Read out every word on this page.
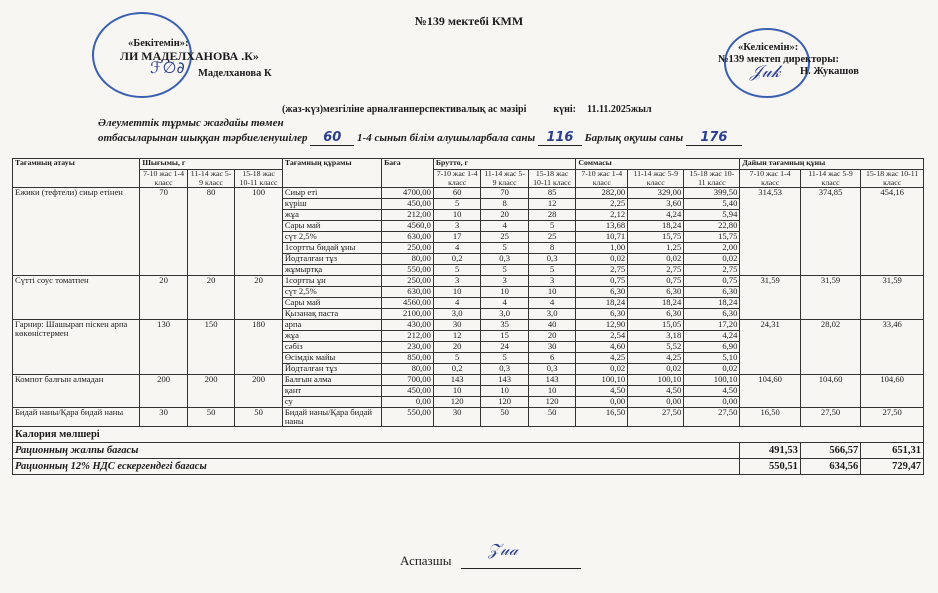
№139 мектебі КММ
«Бекітемін»:
ЛИ МАДЕЛХАНОВА .К»
Маделханова К
ℱ∅∂
«Келісемін»:
№139 мектеп директоры:
Н. Жукашов
𝒥𝓊𝓀
(жаз-күз)мезгіліне арналғанперспективалық ас мәзірі	күні: 11.11.2025жыл
Әлеуметтік тұрмыс жағдайы төмен
отбасыларынан шыққан тәрбиеленушілер 60 1-4 сынып білім алушыларбала саны 116 Барлық оқушы саны 176
Тағамның атауы	Шығымы, г			Тағамның құрамы	Баға	Брутто, г			Соммасы			Дайын тағамның құны		
	7-10 жас 1-4 класс	11-14 жас 5-9 класс	15-18 жас 10-11 класс			7-10 жас 1-4 класс	11-14 жас 5-9 класс	15-18 жас 10-11 класс	7-10 жас 1-4 класс	11-14 жас 5-9 класс	15-18 жас 10-11 класс	7-10 жас 1-4 класс	11-14 жас 5-9 класс	15-18 жас 10-11 класс
Ежики (тефтели) сиыр етінен	70	80	100	Сиыр еті	4700,00	60	70	85	282,00	329,00	399,50	314,53	374,85	454,16
				күріш	450,00	5	8	12	2,25	3,60	5,40			
				жұа	212,00	10	20	28	2,12	4,24	5,94			
				Сары май	4560,0	3	4	5	13,68	18,24	22,80			
				сүт 2,5%	630,00	17	25	25	10,71	15,75	15,75			
				1сортты бидай ұны	250,00	4	5	8	1,00	1,25	2,00			
				Йодталған тұз	80,00	0,2	0,3	0,3	0,02	0,02	0,02			
				жұмыртқа	550,00	5	5	5	2,75	2,75	2,75			
Сүтті соус томатпен	20	20	20	1сортты ұн	250,00	3	3	3	0,75	0,75	0,75	31,59	31,59	31,59
				сүт 2,5%	630,00	10	10	10	6,30	6,30	6,30			
				Сары май	4560,00	4	4	4	18,24	18,24	18,24			
				Қызанақ паста	2100,00	3,0	3,0	3,0	6,30	6,30	6,30			
Гарнир: Шашырап піскен арпа көкөністермен	130	150	180	арпа	430,00	30	35	40	12,90	15,05	17,20	24,31	28,02	33,46
				жұа	212,00	12	15	20	2,54	3,18	4,24			
				сәбіз	230,00	20	24	30	4,60	5,52	6,90			
				Өсімдік майы	850,00	5	5	6	4,25	4,25	5,10			
				Йодталған тұз	80,00	0,2	0,3	0,3	0,02	0,02	0,02			
Компот балғын алмадан	200	200	200	Балғын алма	700,00	143	143	143	100,10	100,10	100,10	104,60	104,60	104,60
				қант	450,00	10	10	10	4,50	4,50	4,50			
				су	0,00	120	120	120	0,00	0,00	0,00			
Бидай наны/Қара бидай наны	30	50	50	Бидай наны/Қара бидай наны	550,00	30	50	50	16,50	27,50	27,50	16,50	27,50	27,50
Калория мөлшері														
Рационның жалпы бағасы												491,53	566,57	651,31
Рационның 12% НДС ескергендегі бағасы												550,51	634,56	729,47
Аспазшы
𝒵𝓊𝒶
